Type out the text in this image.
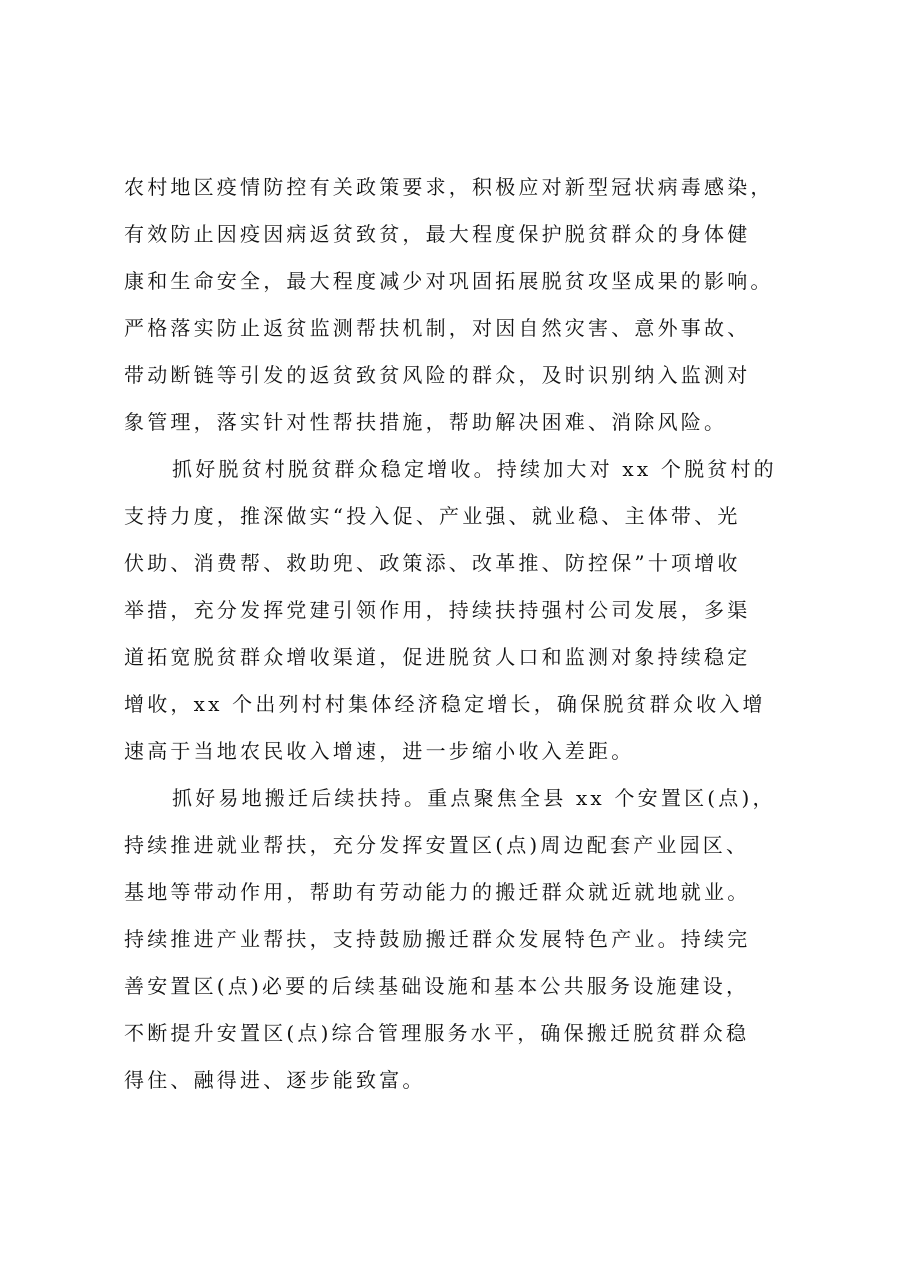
农村地区疫情防控有关政策要求，积极应对新型冠状病毒感染，
有效防止因疫因病返贫致贫，最大程度保护脱贫群众的身体健
康和生命安全，最大程度减少对巩固拓展脱贫攻坚成果的影响。
严格落实防止返贫监测帮扶机制，对因自然灾害、意外事故、
带动断链等引发的返贫致贫风险的群众，及时识别纳入监测对
象管理，落实针对性帮扶措施，帮助解决困难、消除风险。
抓好脱贫村脱贫群众稳定增收。持续加大对 xx 个脱贫村的
支持力度，推深做实“投入促、产业强、就业稳、主体带、光
伏助、消费帮、救助兜、政策添、改革推、防控保”十项增收
举措，充分发挥党建引领作用，持续扶持强村公司发展，多渠
道拓宽脱贫群众增收渠道，促进脱贫人口和监测对象持续稳定
增收，xx 个出列村村集体经济稳定增长，确保脱贫群众收入增
速高于当地农民收入增速，进一步缩小收入差距。
抓好易地搬迁后续扶持。重点聚焦全县 xx 个安置区(点)，
持续推进就业帮扶，充分发挥安置区(点)周边配套产业园区、
基地等带动作用，帮助有劳动能力的搬迁群众就近就地就业。
持续推进产业帮扶，支持鼓励搬迁群众发展特色产业。持续完
善安置区(点)必要的后续基础设施和基本公共服务设施建设，
不断提升安置区(点)综合管理服务水平，确保搬迁脱贫群众稳
得住、融得进、逐步能致富。
